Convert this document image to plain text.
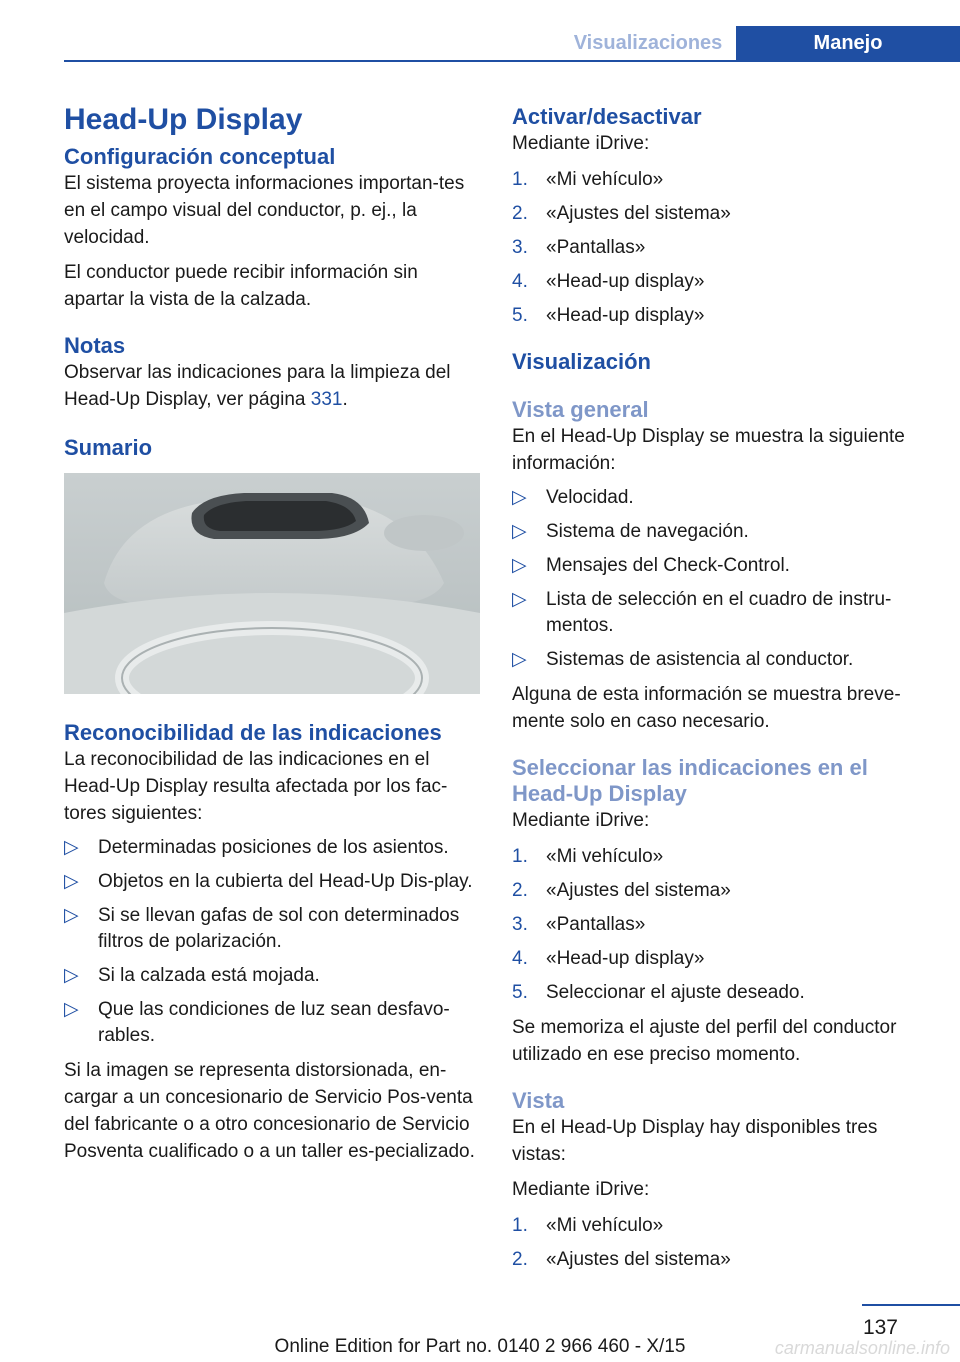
Visualizaciones	Manejo
Head-Up Display
Configuración conceptual

El sistema proyecta informaciones importan-tes en el campo visual del conductor, p. ej., la velocidad.

El conductor puede recibir información sin apartar la vista de la calzada.

Notas

Observar las indicaciones para la limpieza del Head-Up Display, ver página 331.

Sumario
Reconocibilidad de las indicaciones

La reconocibilidad de las indicaciones en el Head-Up Display resulta afectada por los fac-tores siguientes:

▷ Determinadas posiciones de los asientos.
▷ Objetos en la cubierta del Head-Up Dis-play.
▷ Si se llevan gafas de sol con determinados filtros de polarización.
▷ Si la calzada está mojada.
▷ Que las condiciones de luz sean desfavo-rables.

Si la imagen se representa distorsionada, en-cargar a un concesionario de Servicio Pos-venta del fabricante o a otro concesionario de Servicio Posventa cualificado o a un taller es-pecializado.

Activar/desactivar

Mediante iDrive:

1. «Mi vehículo»
2. «Ajustes del sistema»
3. «Pantallas»
4. «Head-up display»
5. «Head-up display»
Visualización
Vista general

En el Head-Up Display se muestra la siguiente información:

▷ Velocidad.
▷ Sistema de navegación.
▷ Mensajes del Check-Control.
▷ Lista de selección en el cuadro de instru-mentos.
▷ Sistemas de asistencia al conductor.

Alguna de esta información se muestra breve-mente solo en caso necesario.

Seleccionar las indicaciones en el Head-Up Display

Mediante iDrive:

1. «Mi vehículo»
2. «Ajustes del sistema»
3. «Pantallas»
4. «Head-up display»
5. Seleccionar el ajuste deseado.

Se memoriza el ajuste del perfil del conductor utilizado en ese preciso momento.

Vista

En el Head-Up Display hay disponibles tres vistas:

Mediante iDrive:

1. «Mi vehículo»
2. «Ajustes del sistema»
137
Online Edition for Part no. 0140 2 966 460 - X/15	carmanualsonline.info
